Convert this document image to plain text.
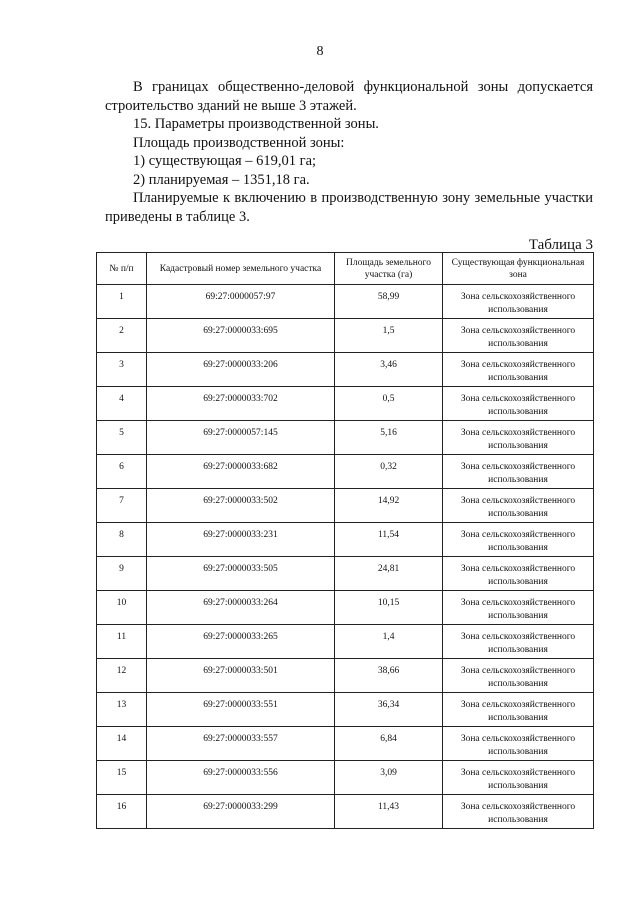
8

В границах общественно-деловой функциональной зоны допускается строительство зданий не выше 3 этажей.

15. Параметры производственной зоны.

Площадь производственной зоны:

1) существующая – 619,01 га;

2) планируемая – 1351,18 га.

Планируемые к включению в производственную зону земельные участки приведены в таблице 3.

Таблица 3
№ п/п	Кадастровый номер земельного участка	Площадь земельного участка (га)	Существующая функциональная зона
1	69:27:0000057:97	58,99	Зона сельскохозяйственного использования
2	69:27:0000033:695	1,5	Зона сельскохозяйственного использования
3	69:27:0000033:206	3,46	Зона сельскохозяйственного использования
4	69:27:0000033:702	0,5	Зона сельскохозяйственного использования
5	69:27:0000057:145	5,16	Зона сельскохозяйственного использования
6	69:27:0000033:682	0,32	Зона сельскохозяйственного использования
7	69:27:0000033:502	14,92	Зона сельскохозяйственного использования
8	69:27:0000033:231	11,54	Зона сельскохозяйственного использования
9	69:27:0000033:505	24,81	Зона сельскохозяйственного использования
10	69:27:0000033:264	10,15	Зона сельскохозяйственного использования
11	69:27:0000033:265	1,4	Зона сельскохозяйственного использования
12	69:27:0000033:501	38,66	Зона сельскохозяйственного использования
13	69:27:0000033:551	36,34	Зона сельскохозяйственного использования
14	69:27:0000033:557	6,84	Зона сельскохозяйственного использования
15	69:27:0000033:556	3,09	Зона сельскохозяйственного использования
16	69:27:0000033:299	11,43	Зона сельскохозяйственного использования
